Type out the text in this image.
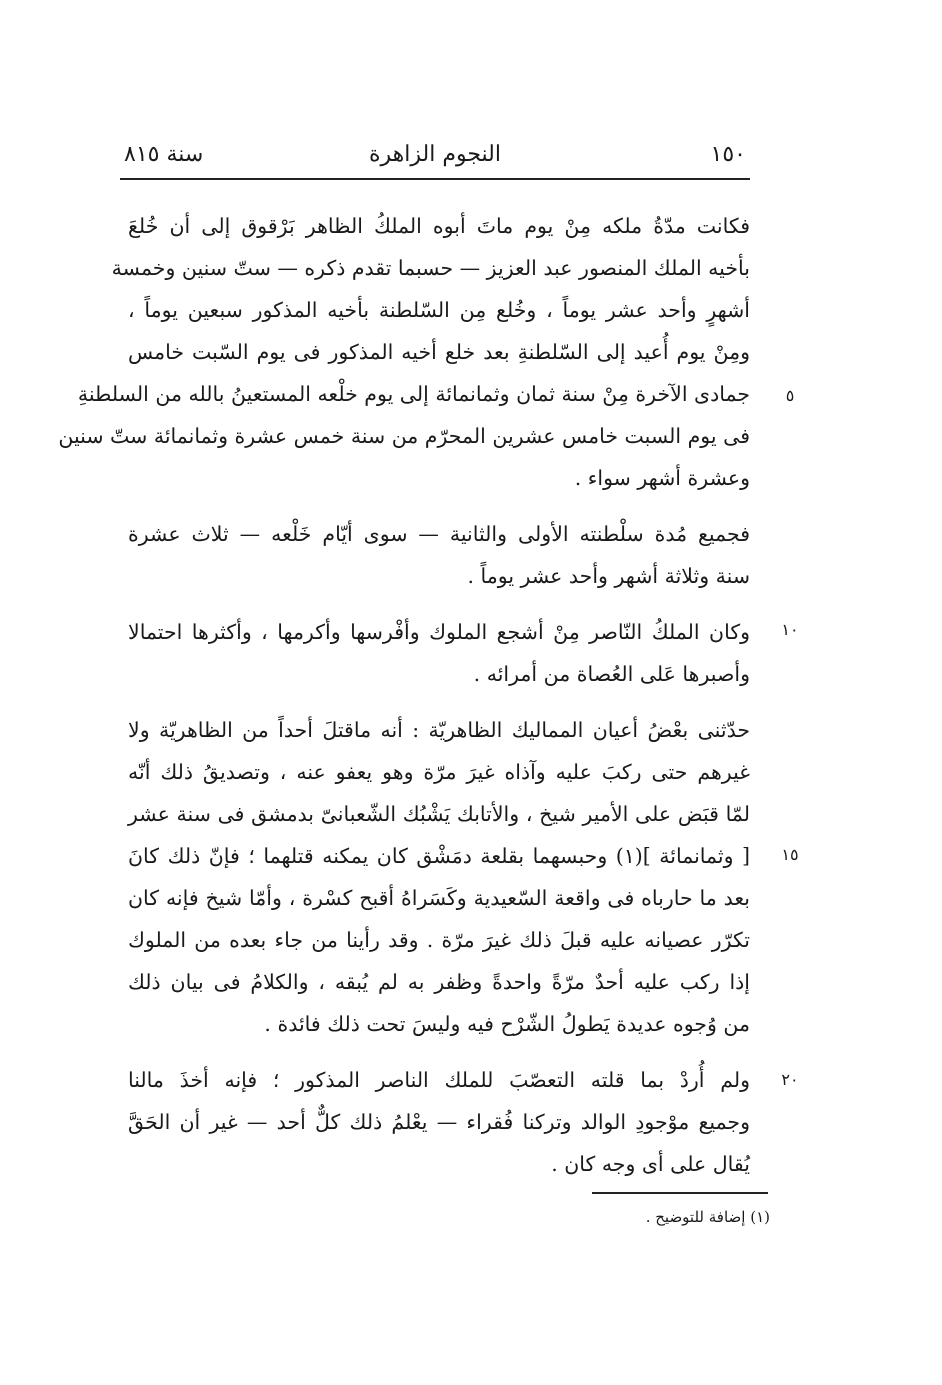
١٥٠
النجوم الزاهرة
سنة ٨١٥
٥
١٠
١٥
٢٠
فكانت مدّةُ ملكه مِنْ يوم ماتَ أبوه الملكُ الظاهر بَرْقوق إلى أن خُلعَ
بأخيه الملك المنصور عبد العزيز — حسبما تقدم ذكره — ستّ سنين وخمسة
أشهرٍ وأحد عشر يوماً ، وخُلع مِن السّلطنة بأخيه المذكور سبعين يوماً ،
ومِنْ يوم أُعيد إلى السّلطنةِ بعد خلع أخيه المذكور فى يوم السّبت خامس
جمادى الآخرة مِنْ سنة ثمان وثمانمائة إلى يوم خلْعه المستعينُ بالله من السلطنةِ
فى يوم السبت خامس عشرين المحرّم من سنة خمس عشرة وثمانمائة ستّ سنين
وعشرة أشهر سواء .
فجميع مُدة سلْطنته الأولى والثانية — سوى أيّام خَلْعه — ثلاث عشرة
سنة وثلاثة أشهر وأحد عشر يوماً .
وكان الملكُ النّاصر مِنْ أشجع الملوك وأفْرسها وأكرمها ، وأكثرها احتمالا
وأصبرها عَلى العُصاة من أمرائه .
حدّثنى بعْضُ أعيان المماليك الظاهريّة : أنه ماقتلَ أحداً من الظاهريّة ولا
غيرهم حتى ركبَ عليه وآذاه غيرَ مرّة وهو يعفو عنه ، وتصديقُ ذلك أنّه
لمّا قبَض على الأمير شيخ ، والأتابك يَشْبُك الشّعبانىّ بدمشق فى سنة عشر
[ وثمانمائة ](١) وحبسهما بقلعة دمَشْق كان يمكنه قتلهما ؛ فإنّ ذلك كانَ
بعد ما حارباه فى واقعة السّعيدية وكَسَراهُ أقبح كسْرة ، وأمّا شيخ فإنه كان
تكرّر عصيانه عليه قبلَ ذلك غيرَ مرّة . وقد رأينا من جاء بعده من الملوك
إذا ركب عليه أحدٌ مرّةً واحدةً وظفر به لم يُبقه ، والكلامُ فى بيان ذلك
من وُجوه عديدة يَطولُ الشّرْح فيه وليسَ تحت ذلك فائدة .
ولم أُردْ بما قلته التعصّبَ للملك الناصر المذكور ؛ فإنه أخذَ مالنا
وجميع موْجودِ الوالد وتركنا فُقراء — يعْلمُ ذلك كلٌّ أحد — غير أن الحَقَّ
يُقال على أى وجه كان .
(١) إضافة للتوضيح .
